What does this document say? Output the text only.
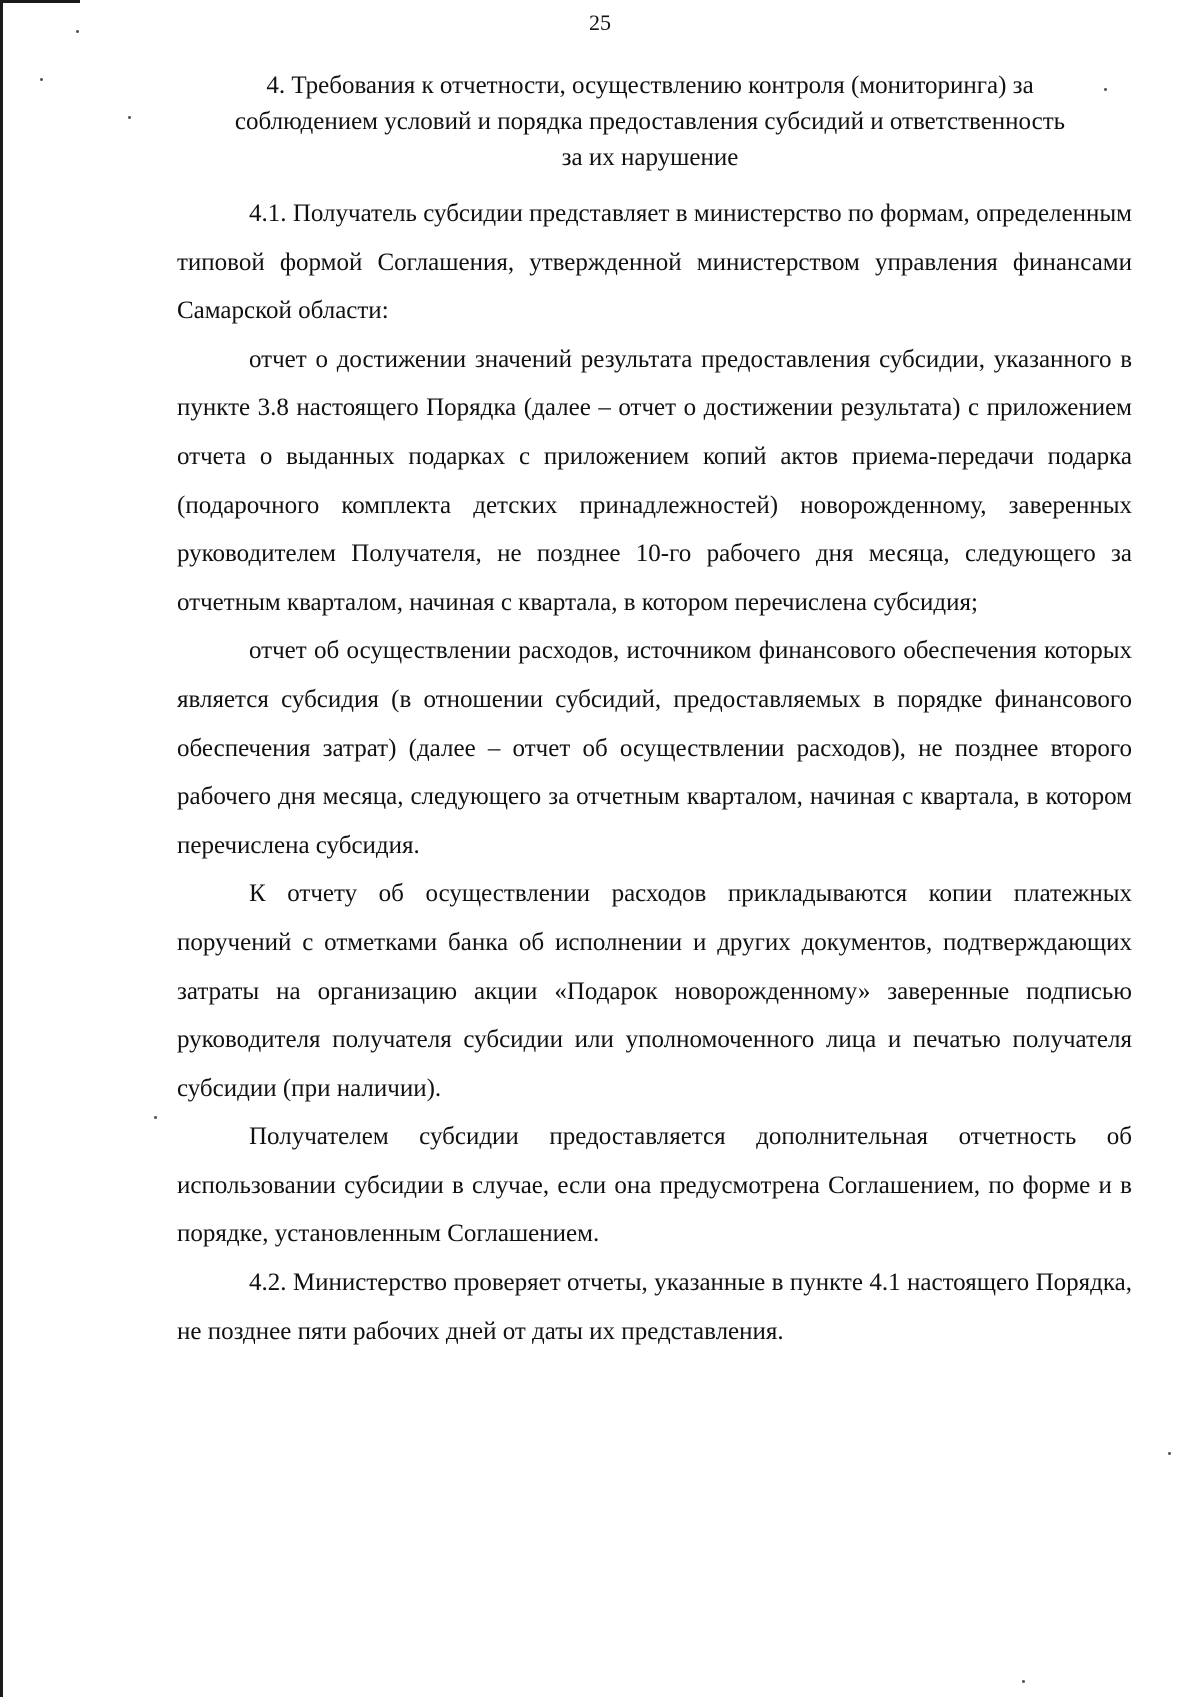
25
4. Требования к отчетности, осуществлению контроля (мониторинга) за
соблюдением условий и порядка предоставления субсидий и ответственность
за их нарушение

4.1. Получатель субсидии представляет в министерство по формам, определенным типовой формой Соглашения, утвержденной министерством управления финансами Самарской области:

отчет о достижении значений результата предоставления субсидии, указанного в пункте 3.8 настоящего Порядка (далее – отчет о достижении результата) с приложением отчета о выданных подарках с приложением копий актов приема-передачи подарка (подарочного комплекта детских принадлежностей) новорожденному, заверенных руководителем Получателя, не позднее 10-го рабочего дня месяца, следующего за отчетным кварталом, начиная с квартала, в котором перечислена субсидия;

отчет об осуществлении расходов, источником финансового обеспечения которых является субсидия (в отношении субсидий, предоставляемых в порядке финансового обеспечения затрат) (далее – отчет об осуществлении расходов), не позднее второго рабочего дня месяца, следующего за отчетным кварталом, начиная с квартала, в котором перечислена субсидия.

К отчету об осуществлении расходов прикладываются копии платежных поручений с отметками банка об исполнении и других документов, подтверждающих затраты на организацию акции «Подарок новорожденному» заверенные подписью руководителя получателя субсидии или уполномоченного лица и печатью получателя субсидии (при наличии).

Получателем субсидии предоставляется дополнительная отчетность об использовании субсидии в случае, если она предусмотрена Соглашением, по форме и в порядке, установленным Соглашением.

4.2. Министерство проверяет отчеты, указанные в пункте 4.1 настоящего Порядка, не позднее пяти рабочих дней от даты их представления.
